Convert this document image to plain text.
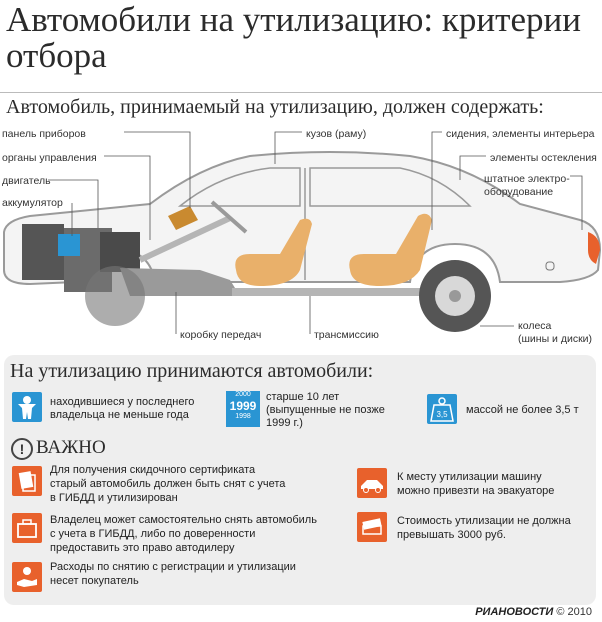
Автомобили на утилизацию: критерии отбора
Автомобиль, принимаемый на утилизацию, должен содержать:
панель приборов
органы управления
двигатель
аккумулятор
кузов (раму)	сидения, элементы интерьера
элементы остекления
штатное электро-
оборудование
коробку передач	трансмиссию
колеса
(шины и диски)
На утилизацию принимаются автомобили:
находившиеся у последнего
владельца не меньше года
2000
1999
1998
старше 10 лет
(выпущенные не позже
1999 г.)
3,5 массой не более 3,5 т
! ВАЖНО
Для получения скидочного сертификата
старый автомобиль должен быть снят с учета
в ГИБДД и утилизирован
Владелец может самостоятельно снять автомобиль
с учета в ГИБДД, либо по доверенности
предоставить это право автодилеру
Расходы по снятию с регистрации и утилизации
несет покупатель
К месту утилизации машину
можно привезти на эвакуаторе
Стоимость утилизации не должна
превышать 3000 руб.
РИАНОВОСТИ © 2010
